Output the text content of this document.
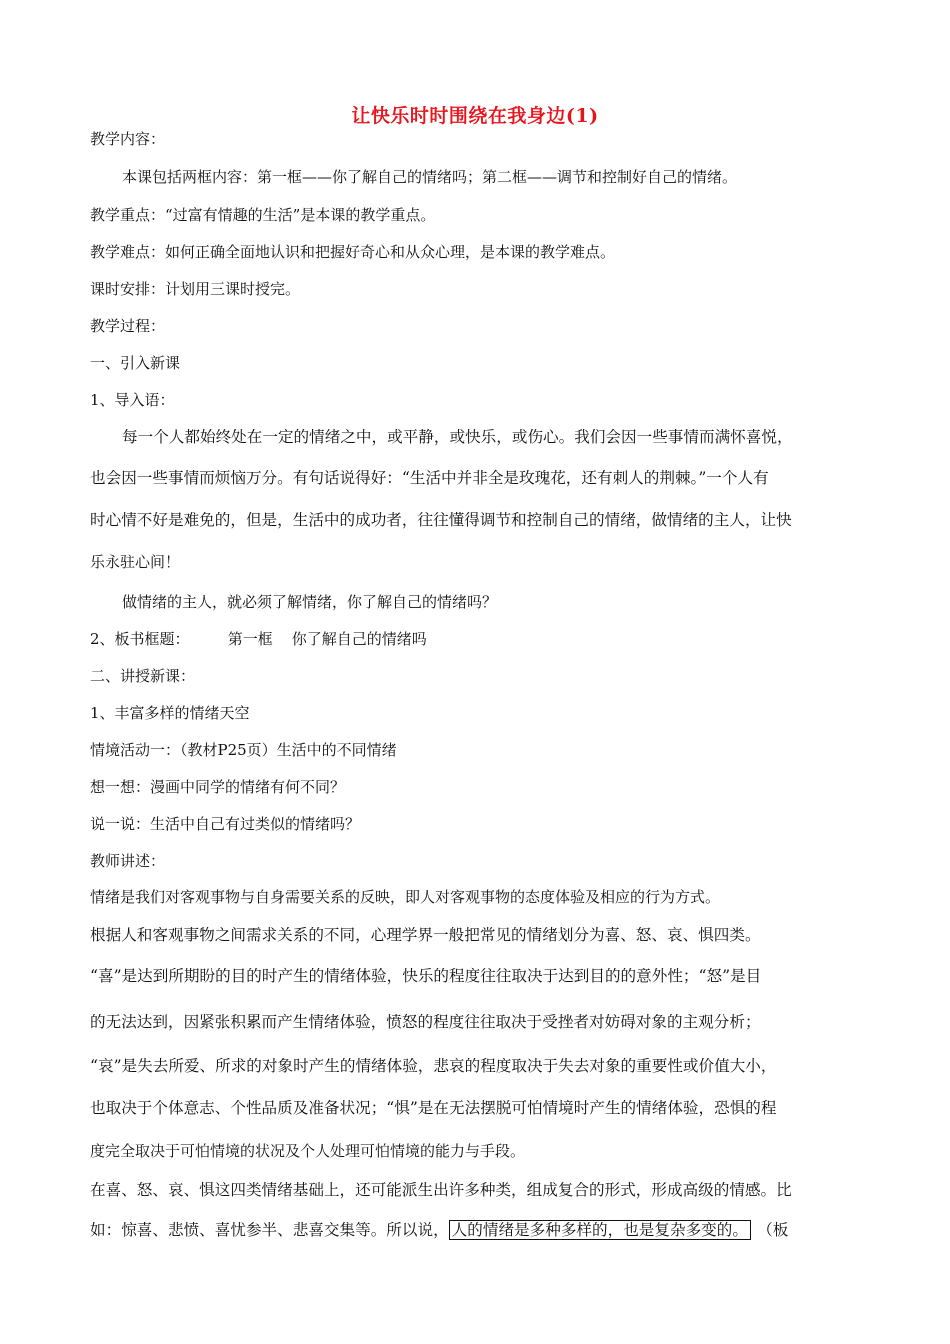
让快乐时时围绕在我身边(1)
教学内容：
本课包括两框内容：第一框——你了解自己的情绪吗；第二框——调节和控制好自己的情绪。
教学重点：“过富有情趣的生活”是本课的教学重点。
教学难点：如何正确全面地认识和把握好奇心和从众心理，是本课的教学难点。
课时安排：计划用三课时授完。
教学过程：
一、引入新课
1、导入语：
每一个人都始终处在一定的情绪之中，或平静，或快乐，或伤心。我们会因一些事情而满怀喜悦，
也会因一些事情而烦恼万分。有句话说得好：“生活中并非全是玫瑰花，还有刺人的荆棘。”一个人有
时心情不好是难免的，但是，生活中的成功者，往往懂得调节和控制自己的情绪，做情绪的主人，让快
乐永驻心间！
做情绪的主人，就必须了解情绪，你了解自己的情绪吗？
2、板书框题：        第一框    你了解自己的情绪吗
二、讲授新课：
1、丰富多样的情绪天空
情境活动一：（教材P25页）生活中的不同情绪
想一想：漫画中同学的情绪有何不同？
说一说：生活中自己有过类似的情绪吗？
教师讲述：
情绪是我们对客观事物与自身需要关系的反映，即人对客观事物的态度体验及相应的行为方式。
根据人和客观事物之间需求关系的不同，心理学界一般把常见的情绪划分为喜、怒、哀、惧四类。
“喜”是达到所期盼的目的时产生的情绪体验，快乐的程度往往取决于达到目的的意外性；“怒”是目
的无法达到，因紧张积累而产生情绪体验，愤怒的程度往往取决于受挫者对妨碍对象的主观分析；
“哀”是失去所爱、所求的对象时产生的情绪体验，悲哀的程度取决于失去对象的重要性或价值大小，
也取决于个体意志、个性品质及准备状况；“惧”是在无法摆脱可怕情境时产生的情绪体验，恐惧的程
度完全取决于可怕情境的状况及个人处理可怕情境的能力与手段。
在喜、怒、哀、惧这四类情绪基础上，还可能派生出许多种类，组成复合的形式，形成高级的情感。比
如：惊喜、悲愤、喜忧参半、悲喜交集等。所以说， 人的情绪是多种多样的，也是复杂多变的。 （板
